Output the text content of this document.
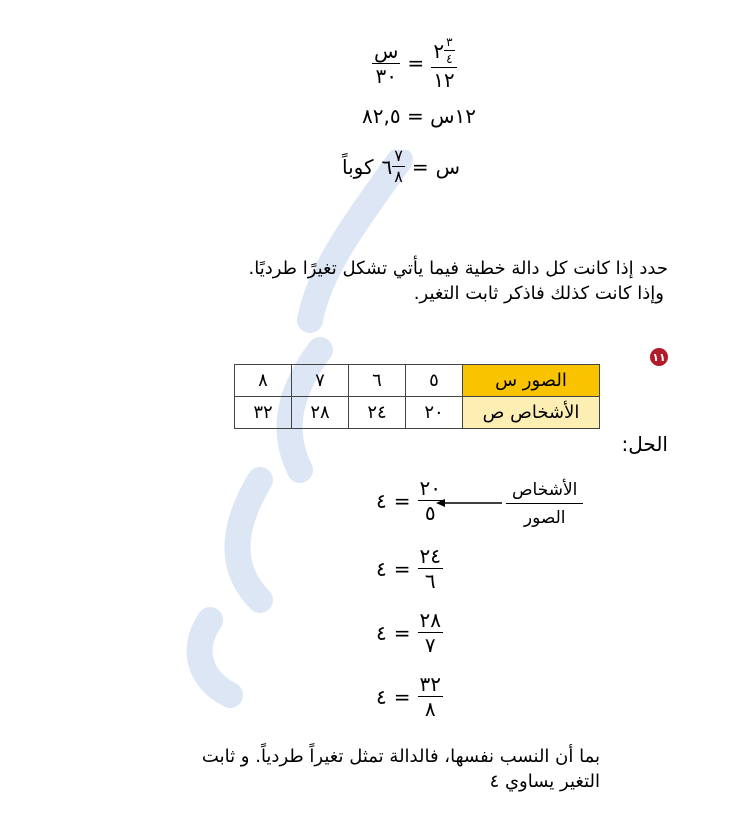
$\frac{\text{س}}{٣٠} = \frac{٢ \frac{٣}{٤}}{١٢}$
١٢س = ٨٢,٥
س
=
$\frac{٧}{٨}$
٦
كوباً
حدد إذا كانت كل دالة خطية فيما يأتي تشكل تغيرًا طرديًا.
وإذا كانت كذلك فاذكر ثابت التغير.
١١
الصور س	٥	٦	٧	٨
الأشخاص ص	٢٠	٢٤	٢٨	٣٢
الحل:
$\frac{\text{الأشخاص}}{\text{الصور}}$
٤ = $\frac{٢٠}{٥}$
٤ = $\frac{٢٤}{٦}$
٤ = $\frac{٢٨}{٧}$
٤ = $\frac{٣٢}{٨}$
بما أن النسب نفسها، فالدالة تمثل تغيراً طردياً. و ثابت
التغير يساوي ٤
